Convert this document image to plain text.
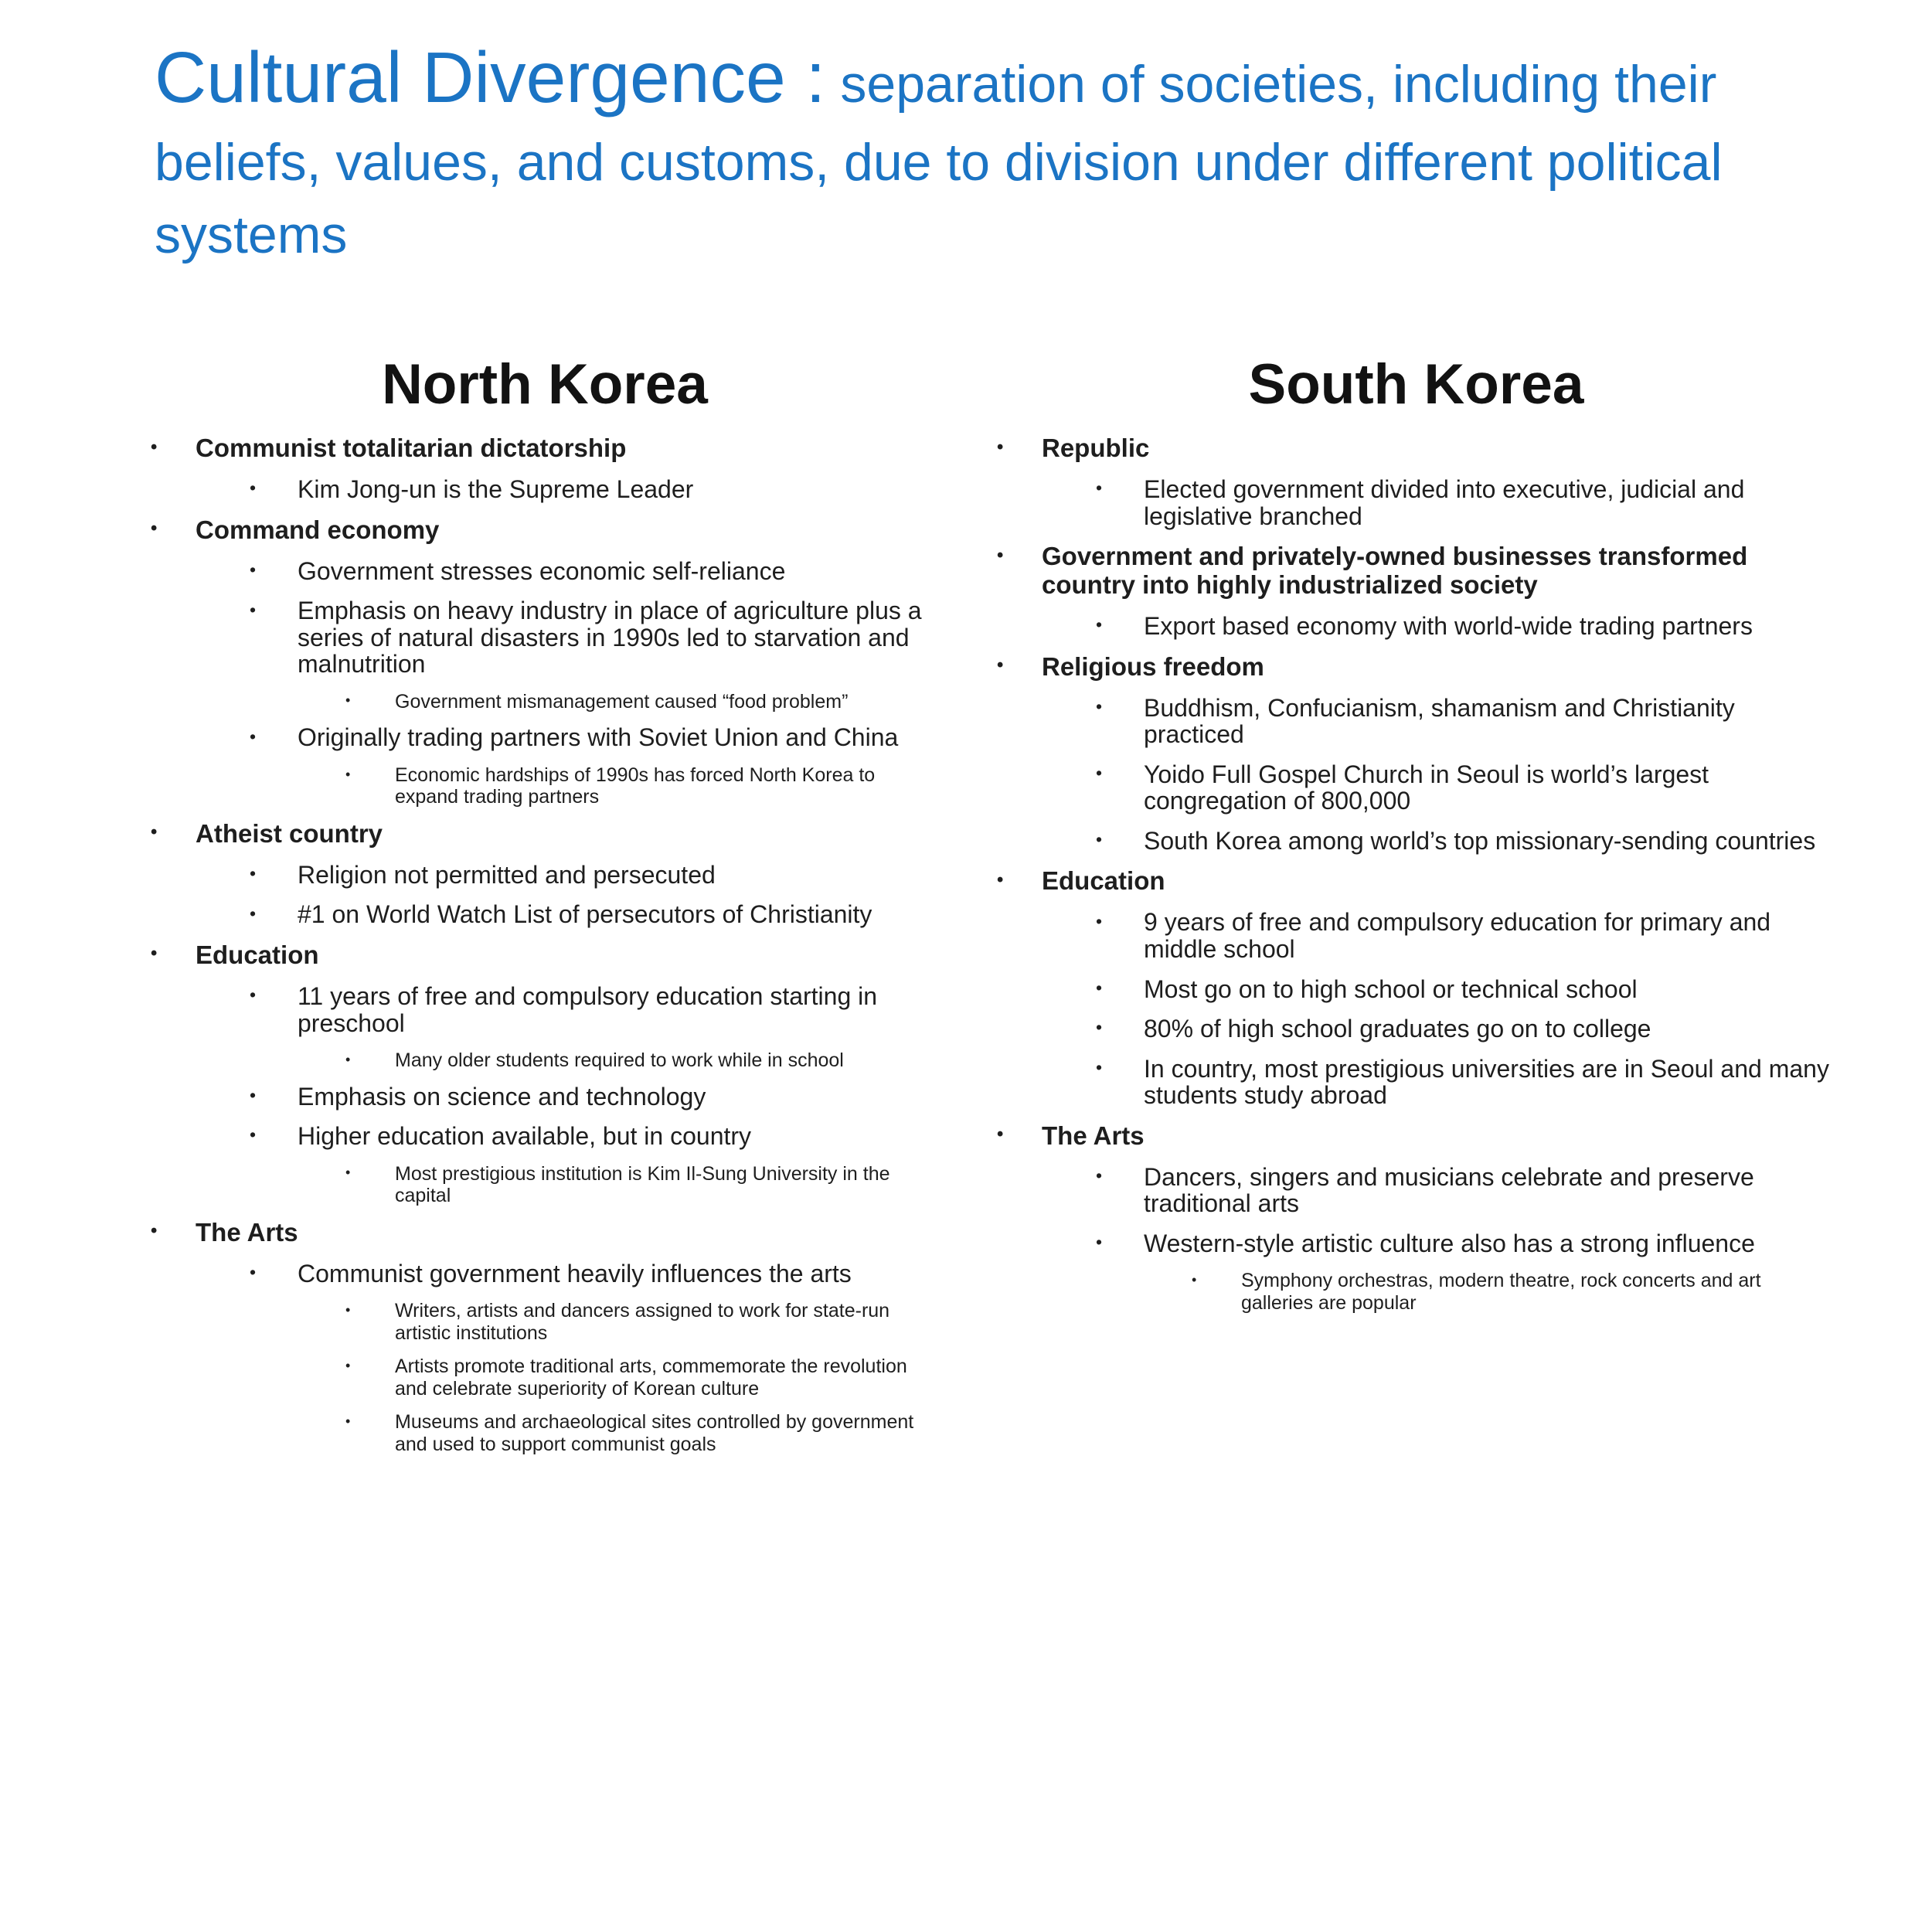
Cultural Divergence : separation of societies, including their beliefs, values, and customs, due to division under different political systems
North Korea
•	Communist totalitarian dictatorship
•	Kim Jong-un is the Supreme Leader
•	Command economy
•	Government stresses economic self-reliance
•	Emphasis on heavy industry in place of agriculture plus a series of natural disasters in 1990s led to starvation and malnutrition
•	Government mismanagement caused “food problem”
•	Originally trading partners with Soviet Union and China
•	Economic hardships of 1990s has forced North Korea to expand trading partners
•	Atheist country
•	Religion not permitted and persecuted
•	#1 on World Watch List of persecutors of Christianity
•	Education
•	11 years of free and compulsory education starting in preschool
•	Many older students required to work while in school
•	Emphasis on science and technology
•	Higher education available, but in country
•	Most prestigious institution is Kim Il-Sung University in the capital
•	The Arts
•	Communist government heavily influences the arts
•	Writers, artists and dancers assigned to work for state-run artistic institutions
•	Artists promote traditional arts, commemorate the revolution and celebrate superiority of Korean culture
•	Museums and archaeological sites controlled by government and used to support communist goals
South Korea
•	Republic
•	Elected government divided into executive, judicial and legislative branched
•	Government and privately-owned businesses transformed country into highly industrialized society
•	Export based economy with world-wide trading partners
•	Religious freedom
•	Buddhism, Confucianism, shamanism and Christianity practiced
•	Yoido Full Gospel Church in Seoul is world’s largest congregation of 800,000
•	South Korea among world’s top missionary-sending countries
•	Education
•	9 years of free and compulsory education for primary and middle school
•	Most go on to high school or technical school
•	80% of high school graduates go on to college
•	In country, most prestigious universities are in Seoul and many students study abroad
•	The Arts
•	Dancers, singers and musicians celebrate and preserve traditional arts
•	Western-style artistic culture also has a strong influence
•	Symphony orchestras, modern theatre, rock concerts and art galleries are popular
